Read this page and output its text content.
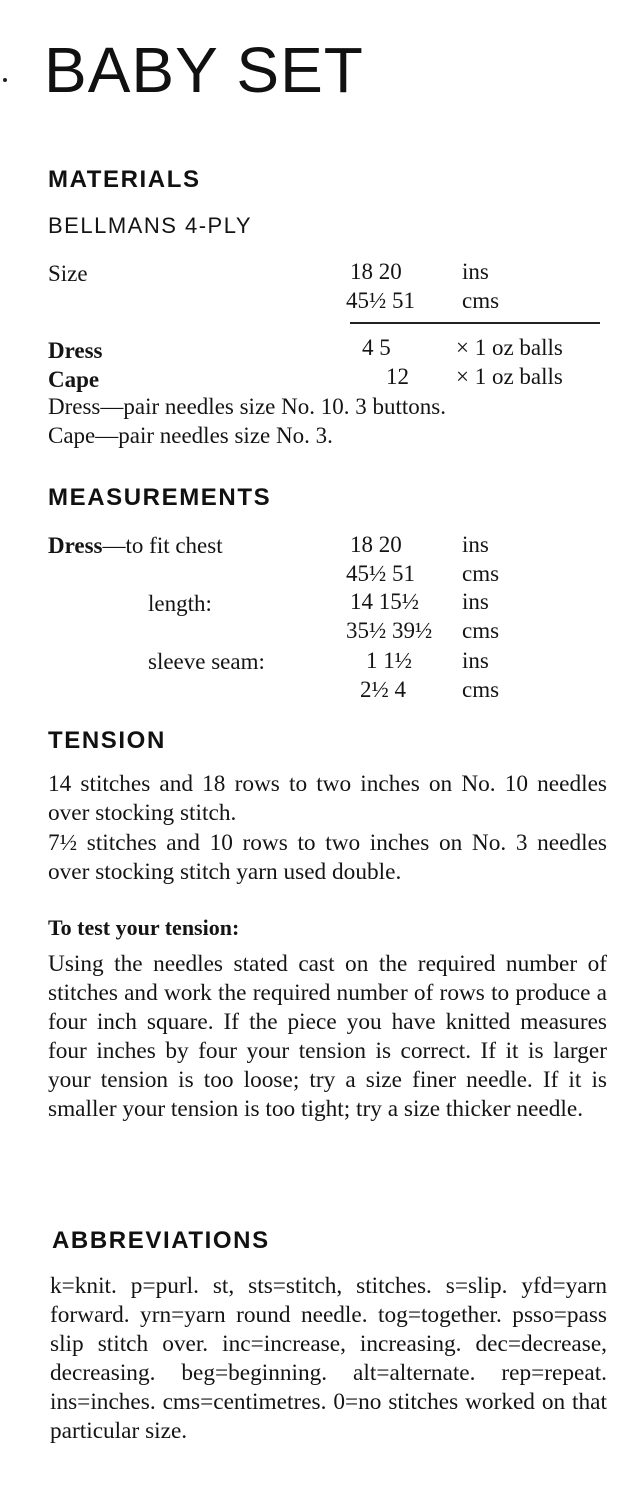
BABY SET
MATERIALS
BELLMANS 4-PLY
Size	18 20	ins
45½ 51 cms
Dress	4 5	× 1 oz balls
Cape	12 × 1 oz balls
Dress—pair needles size No. 10. 3 buttons.
Cape—pair needles size No. 3.
MEASUREMENTS
Dress—to fit chest	18 20	ins
45½ 51 cms
length:	14 15½ ins
35½ 39½ cms
sleeve seam:	1 1½ ins
2½ 4 cms
TENSION
14 stitches and 18 rows to two inches on No. 10 needles over stocking stitch.
7½ stitches and 10 rows to two inches on No. 3 needles over stocking stitch yarn used double.
To test your tension:
Using the needles stated cast on the required number of stitches and work the required number of rows to produce a four inch square. If the piece you have knitted measures four inches by four your tension is correct. If it is larger your tension is too loose; try a size finer needle. If it is smaller your tension is too tight; try a size thicker needle.
ABBREVIATIONS
k=knit. p=purl. st, sts=stitch, stitches. s=slip. yfd=yarn forward. yrn=yarn round needle. tog=together. psso=pass slip stitch over. inc=increase, increasing. dec=decrease, decreasing. beg=beginning. alt=alternate. rep=repeat. ins=inches. cms=centimetres. 0=no stitches worked on that particular size.
